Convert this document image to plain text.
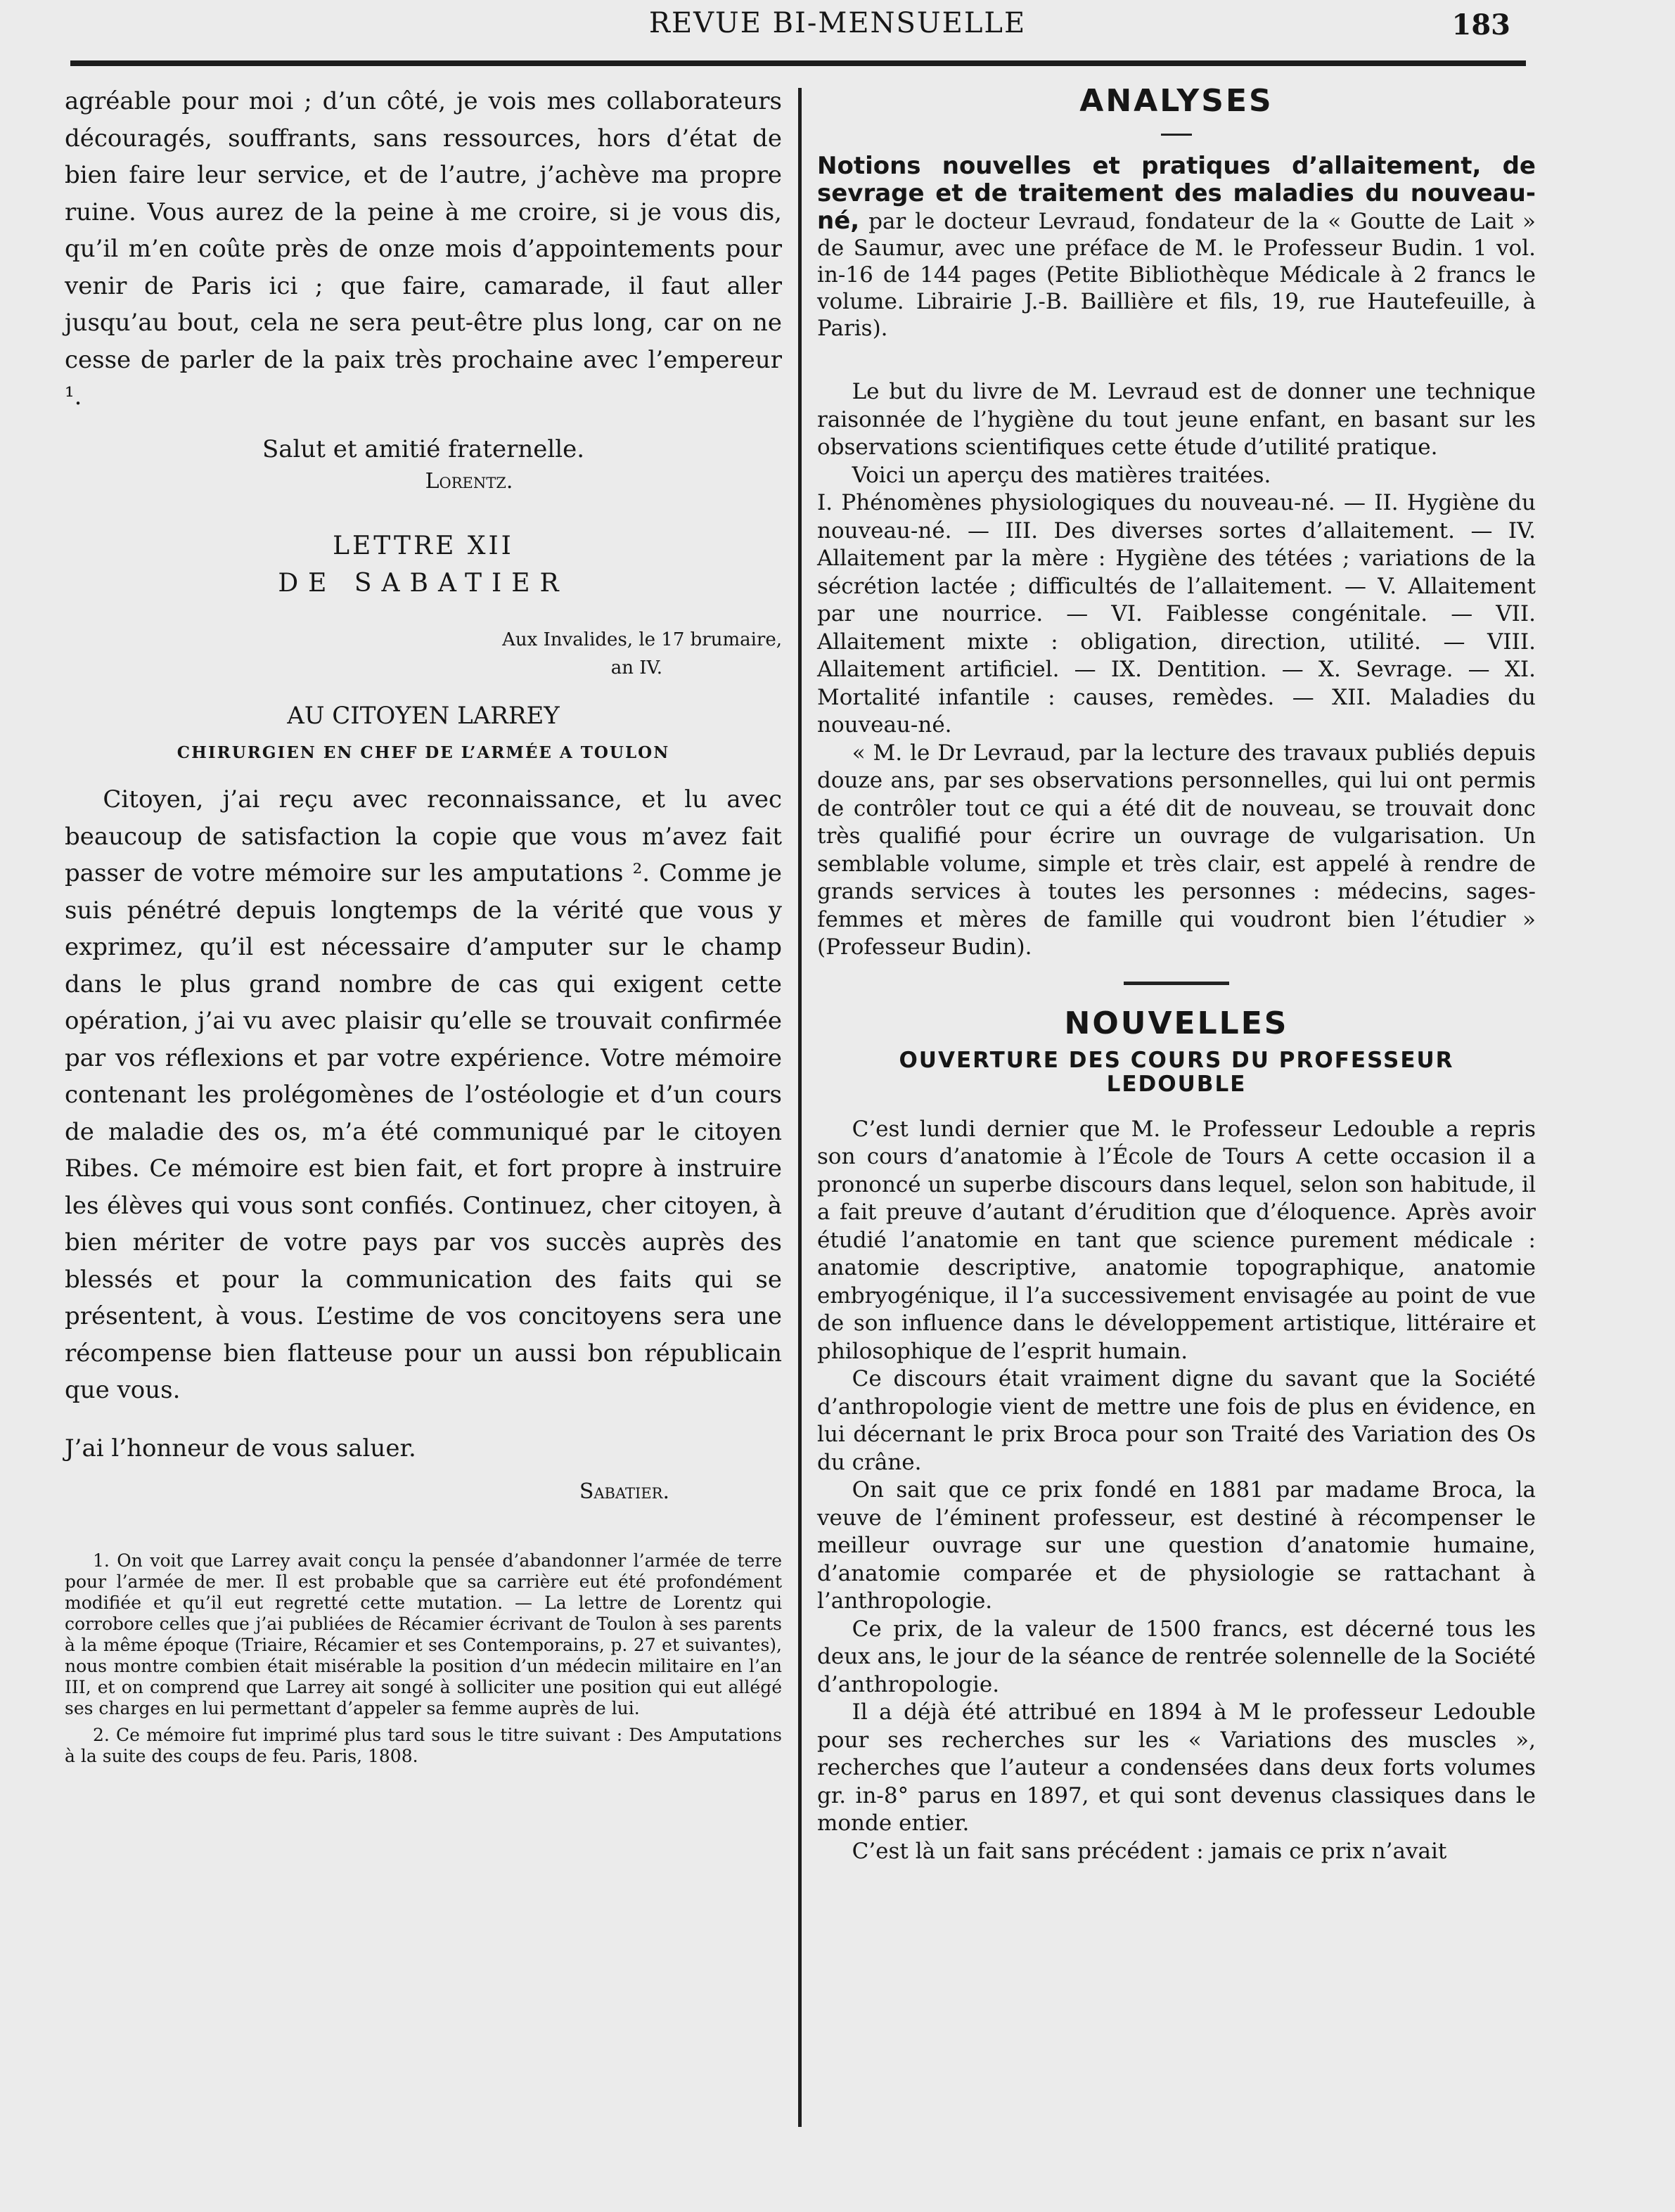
REVUE BI-MENSUELLE	183

agréable pour moi ; d’un côté, je vois mes collaborateurs découragés, souffrants, sans ressources, hors d’état de bien faire leur service, et de l’autre, j’achève ma propre ruine. Vous aurez de la peine à me croire, si je vous dis, qu’il m’en coûte près de onze mois d’appointements pour venir de Paris ici ; que faire, camarade, il faut aller jusqu’au bout, cela ne sera peut-être plus long, car on ne cesse de parler de la paix très prochaine avec l’empereur ¹.

Salut et amitié fraternelle.

Lorentz.

LETTRE XII

DE SABATIER

Aux Invalides, le 17 brumaire,

an IV.

AU CITOYEN LARREY

CHIRURGIEN EN CHEF DE L’ARMÉE A TOULON

Citoyen, j’ai reçu avec reconnaissance, et lu avec beaucoup de satisfaction la copie que vous m’avez fait passer de votre mémoire sur les amputations ². Comme je suis pénétré depuis longtemps de la vérité que vous y exprimez, qu’il est nécessaire d’amputer sur le champ dans le plus grand nombre de cas qui exigent cette opération, j’ai vu avec plaisir qu’elle se trouvait confirmée par vos réflexions et par votre expérience. Votre mémoire contenant les prolégomènes de l’ostéologie et d’un cours de maladie des os, m’a été communiqué par le citoyen Ribes. Ce mémoire est bien fait, et fort propre à instruire les élèves qui vous sont confiés. Continuez, cher citoyen, à bien mériter de votre pays par vos succès auprès des blessés et pour la communication des faits qui se présentent, à vous. L’estime de vos concitoyens sera une récompense bien flatteuse pour un aussi bon républicain que vous.

J’ai l’honneur de vous saluer.

Sabatier.

1. On voit que Larrey avait conçu la pensée d’abandonner l’armée de terre pour l’armée de mer. Il est probable que sa carrière eut été profondément modifiée et qu’il eut regretté cette mutation. — La lettre de Lorentz qui corrobore celles que j’ai publiées de Récamier écrivant de Toulon à ses parents à la même époque (Triaire, Récamier et ses Contemporains, p. 27 et suivantes), nous montre combien était misérable la position d’un médecin militaire en l’an III, et on comprend que Larrey ait songé à solliciter une position qui eut allégé ses charges en lui permettant d’appeler sa femme auprès de lui.

2. Ce mémoire fut imprimé plus tard sous le titre suivant : Des Amputations à la suite des coups de feu. Paris, 1808.

ANALYSES

Notions nouvelles et pratiques d’allaitement, de sevrage et de traitement des maladies du nouveau-né, par le docteur Levraud, fondateur de la « Goutte de Lait » de Saumur, avec une préface de M. le Professeur Budin. 1 vol. in-16 de 144 pages (Petite Bibliothèque Médicale à 2 francs le volume. Librairie J.-B. Baillière et fils, 19, rue Hautefeuille, à Paris).

Le but du livre de M. Levraud est de donner une technique raisonnée de l’hygiène du tout jeune enfant, en basant sur les observations scientifiques cette étude d’utilité pratique.

Voici un aperçu des matières traitées.

I. Phénomènes physiologiques du nouveau-né. — II. Hygiène du nouveau-né. — III. Des diverses sortes d’allaitement. — IV. Allaitement par la mère : Hygiène des tétées ; variations de la sécrétion lactée ; difficultés de l’allaitement. — V. Allaitement par une nourrice. — VI. Faiblesse congénitale. — VII. Allaitement mixte : obligation, direction, utilité. — VIII. Allaitement artificiel. — IX. Dentition. — X. Sevrage. — XI. Mortalité infantile : causes, remèdes. — XII. Maladies du nouveau-né.

« M. le Dr Levraud, par la lecture des travaux publiés depuis douze ans, par ses observations personnelles, qui lui ont permis de contrôler tout ce qui a été dit de nouveau, se trouvait donc très qualifié pour écrire un ouvrage de vulgarisation. Un semblable volume, simple et très clair, est appelé à rendre de grands services à toutes les personnes : médecins, sages-femmes et mères de famille qui voudront bien l’étudier » (Professeur Budin).

NOUVELLES

OUVERTURE DES COURS DU PROFESSEUR LEDOUBLE

C’est lundi dernier que M. le Professeur Ledouble a repris son cours d’anatomie à l’École de Tours A cette occasion il a prononcé un superbe discours dans lequel, selon son habitude, il a fait preuve d’autant d’érudition que d’éloquence. Après avoir étudié l’anatomie en tant que science purement médicale : anatomie descriptive, anatomie topographique, anatomie embryogénique, il l’a successivement envisagée au point de vue de son influence dans le développement artistique, littéraire et philosophique de l’esprit humain.

Ce discours était vraiment digne du savant que la Société d’anthropologie vient de mettre une fois de plus en évidence, en lui décernant le prix Broca pour son Traité des Variation des Os du crâne.

On sait que ce prix fondé en 1881 par madame Broca, la veuve de l’éminent professeur, est destiné à récompenser le meilleur ouvrage sur une question d’anatomie humaine, d’anatomie comparée et de physiologie se rattachant à l’anthropologie.

Ce prix, de la valeur de 1500 francs, est décerné tous les deux ans, le jour de la séance de rentrée solennelle de la Société d’anthropologie.

Il a déjà été attribué en 1894 à M le professeur Ledouble pour ses recherches sur les « Variations des muscles », recherches que l’auteur a condensées dans deux forts volumes gr. in-8° parus en 1897, et qui sont devenus classiques dans le monde entier.

C’est là un fait sans précédent : jamais ce prix n’avait
